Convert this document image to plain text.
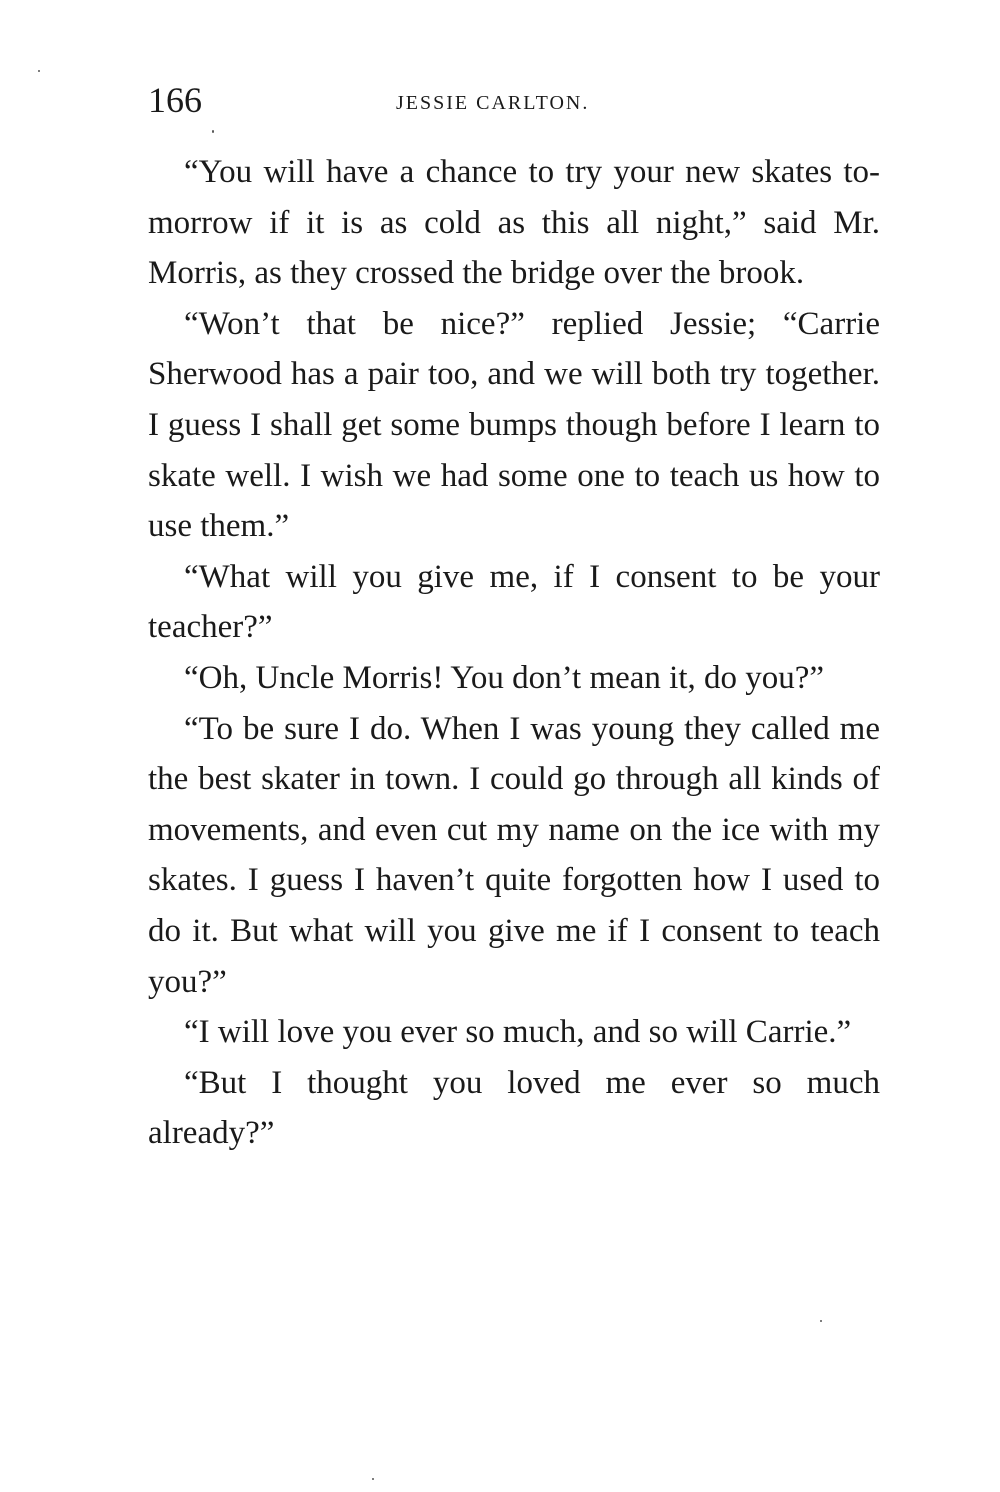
166	JESSIE CARLTON.

“You will have a chance to try your new skates to-morrow if it is as cold as this all night,” said Mr. Morris, as they crossed the bridge over the brook.

“Won’t that be nice?” replied Jessie; “Carrie Sherwood has a pair too, and we will both try together. I guess I shall get some bumps though before I learn to skate well. I wish we had some one to teach us how to use them.”

“What will you give me, if I consent to be your teacher?”

“Oh, Uncle Morris! You don’t mean it, do you?”

“To be sure I do. When I was young they called me the best skater in town. I could go through all kinds of movements, and even cut my name on the ice with my skates. I guess I haven’t quite forgotten how I used to do it. But what will you give me if I consent to teach you?”

“I will love you ever so much, and so will Carrie.”

“But I thought you loved me ever so much already?”
